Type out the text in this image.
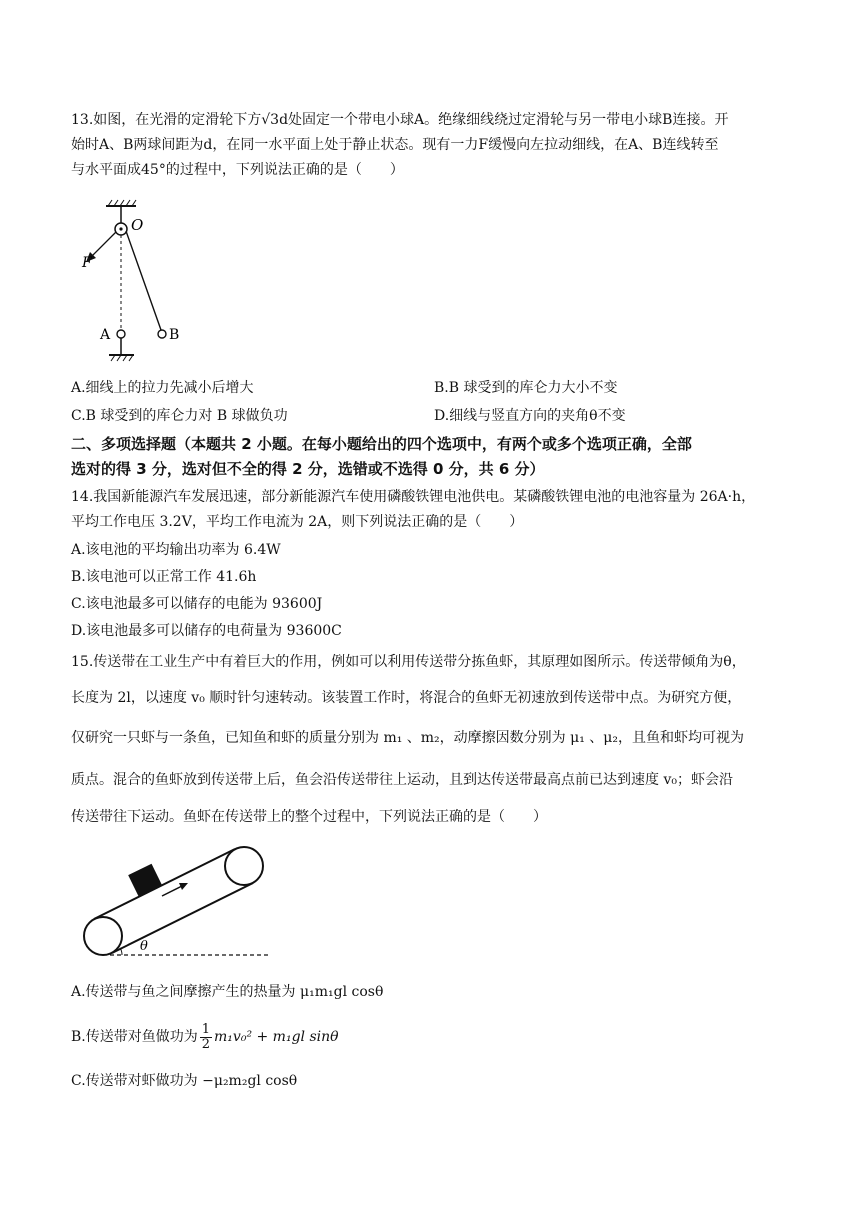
13.如图，在光滑的定滑轮下方√3d处固定一个带电小球A。绝缘细线绕过定滑轮与另一带电小球B连接。开
始时A、B两球间距为d，在同一水平面上处于静止状态。现有一力F缓慢向左拉动细线，在A、B连线转至
与水平面成45°的过程中，下列说法正确的是（　　）
O
F
B
A
A.细线上的拉力先减小后增大	B.B 球受到的库仑力大小不变
C.B 球受到的库仑力对 B 球做负功	D.细线与竖直方向的夹角θ不变
二、多项选择题（本题共 2 小题。在每小题给出的四个选项中，有两个或多个选项正确，全部
选对的得 3 分，选对但不全的得 2 分，选错或不选得 0 分，共 6 分）
14.我国新能源汽车发展迅速，部分新能源汽车使用磷酸铁锂电池供电。某磷酸铁锂电池的电池容量为 26A·h，
平均工作电压 3.2V，平均工作电流为 2A，则下列说法正确的是（　　）
A.该电池的平均输出功率为 6.4W
B.该电池可以正常工作 41.6h
C.该电池最多可以储存的电能为 93600J
D.该电池最多可以储存的电荷量为 93600C
15.传送带在工业生产中有着巨大的作用，例如可以利用传送带分拣鱼虾，其原理如图所示。传送带倾角为θ，
长度为 2l，以速度 v₀ 顺时针匀速转动。该装置工作时，将混合的鱼虾无初速放到传送带中点。为研究方便，
仅研究一只虾与一条鱼，已知鱼和虾的质量分别为 m₁ 、m₂，动摩擦因数分别为 μ₁ 、μ₂，且鱼和虾均可视为
质点。混合的鱼虾放到传送带上后，鱼会沿传送带往上运动，且到达传送带最高点前已达到速度 v₀；虾会沿
传送带往下运动。鱼虾在传送带上的整个过程中，下列说法正确的是（　　）
θ
A.传送带与鱼之间摩擦产生的热量为 μ₁m₁gl cosθ
B.传送带对鱼做功为 $\frac{1}{2} m_1v_0^2 + m_1gl$ sinθ
C.传送带对虾做功为 −μ₂m₂gl cosθ
